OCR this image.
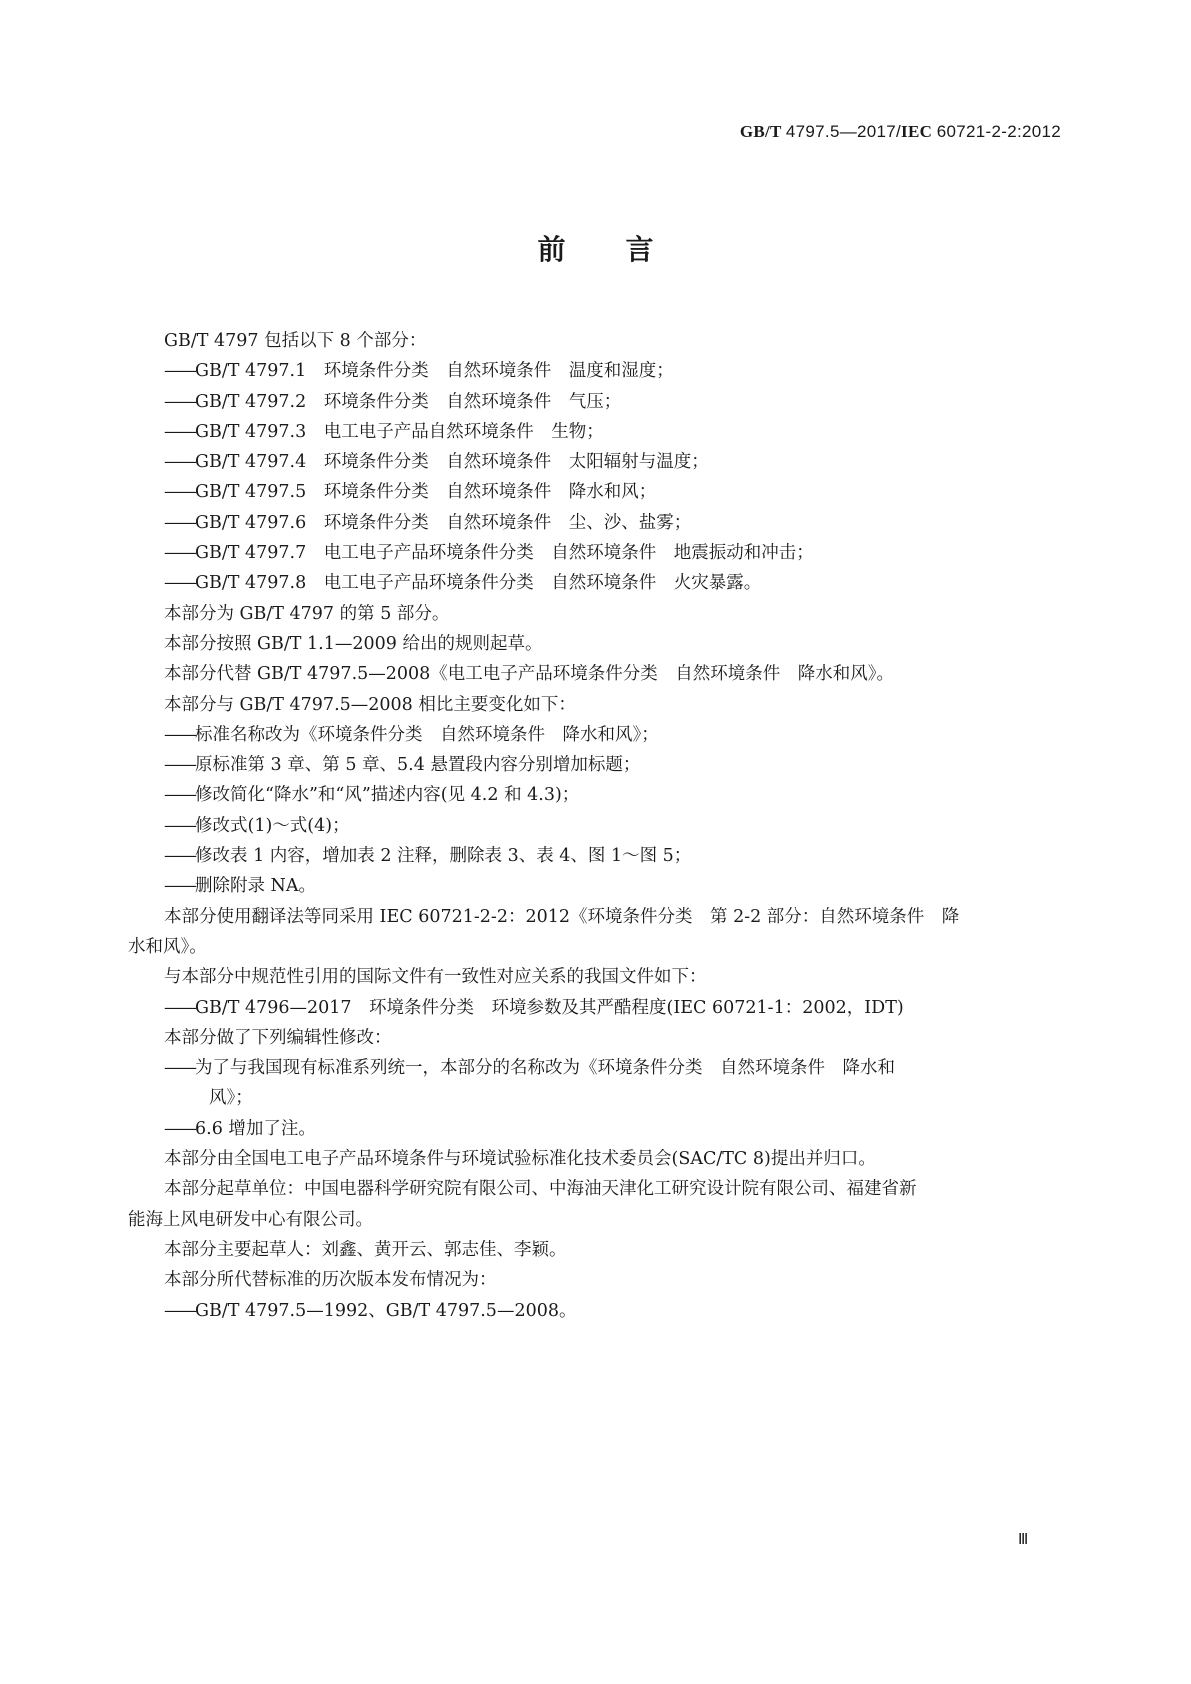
GB/T 4797.5—2017/IEC 60721-2-2:2012
前言
GB/T 4797 包括以下 8 个部分：
——GB/T 4797.1　环境条件分类　自然环境条件　温度和湿度；
——GB/T 4797.2　环境条件分类　自然环境条件　气压；
——GB/T 4797.3　电工电子产品自然环境条件　生物；
——GB/T 4797.4　环境条件分类　自然环境条件　太阳辐射与温度；
——GB/T 4797.5　环境条件分类　自然环境条件　降水和风；
——GB/T 4797.6　环境条件分类　自然环境条件　尘、沙、盐雾；
——GB/T 4797.7　电工电子产品环境条件分类　自然环境条件　地震振动和冲击；
——GB/T 4797.8　电工电子产品环境条件分类　自然环境条件　火灾暴露。
本部分为 GB/T 4797 的第 5 部分。
本部分按照 GB/T 1.1—2009 给出的规则起草。
本部分代替 GB/T 4797.5—2008《电工电子产品环境条件分类　自然环境条件　降水和风》。
本部分与 GB/T 4797.5—2008 相比主要变化如下：
——标准名称改为《环境条件分类　自然环境条件　降水和风》；
——原标准第 3 章、第 5 章、5.4 悬置段内容分别增加标题；
——修改简化“降水”和“风”描述内容(见 4.2 和 4.3)；
——修改式(1)～式(4)；
——修改表 1 内容，增加表 2 注释，删除表 3、表 4、图 1～图 5；
——删除附录 NA。
本部分使用翻译法等同采用 IEC 60721-2-2：2012《环境条件分类　第 2-2 部分：自然环境条件　降
水和风》。
与本部分中规范性引用的国际文件有一致性对应关系的我国文件如下：
——GB/T 4796—2017　环境条件分类　环境参数及其严酷程度(IEC 60721-1：2002，IDT)
本部分做了下列编辑性修改：
——为了与我国现有标准系列统一，本部分的名称改为《环境条件分类　自然环境条件　降水和
风》；
——6.6 增加了注。
本部分由全国电工电子产品环境条件与环境试验标准化技术委员会(SAC/TC 8)提出并归口。
本部分起草单位：中国电器科学研究院有限公司、中海油天津化工研究设计院有限公司、福建省新
能海上风电研发中心有限公司。
本部分主要起草人：刘鑫、黄开云、郭志佳、李颖。
本部分所代替标准的历次版本发布情况为：
——GB/T 4797.5—1992、GB/T 4797.5—2008。
Ⅲ
